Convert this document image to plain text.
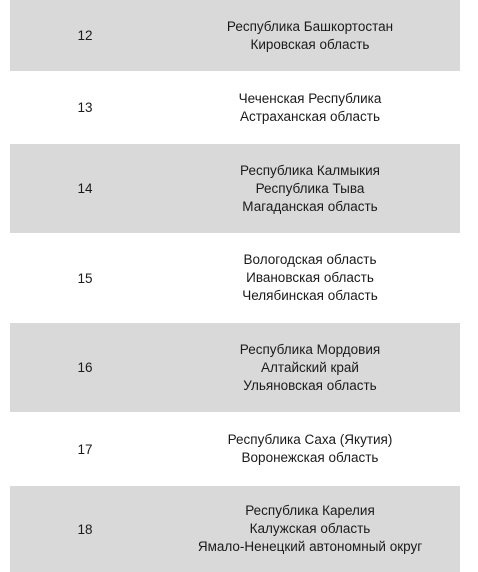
12
Республика Башкортостан
Кировская область
13
Чеченская Республика
Астраханская область
14
Республика Калмыкия
Республика Тыва
Магаданская область
15
Вологодская область
Ивановская область
Челябинская область
16
Республика Мордовия
Алтайский край
Ульяновская область
17
Республика Саха (Якутия)
Воронежская область
18
Республика Карелия
Калужская область
Ямало-Ненецкий автономный округ
